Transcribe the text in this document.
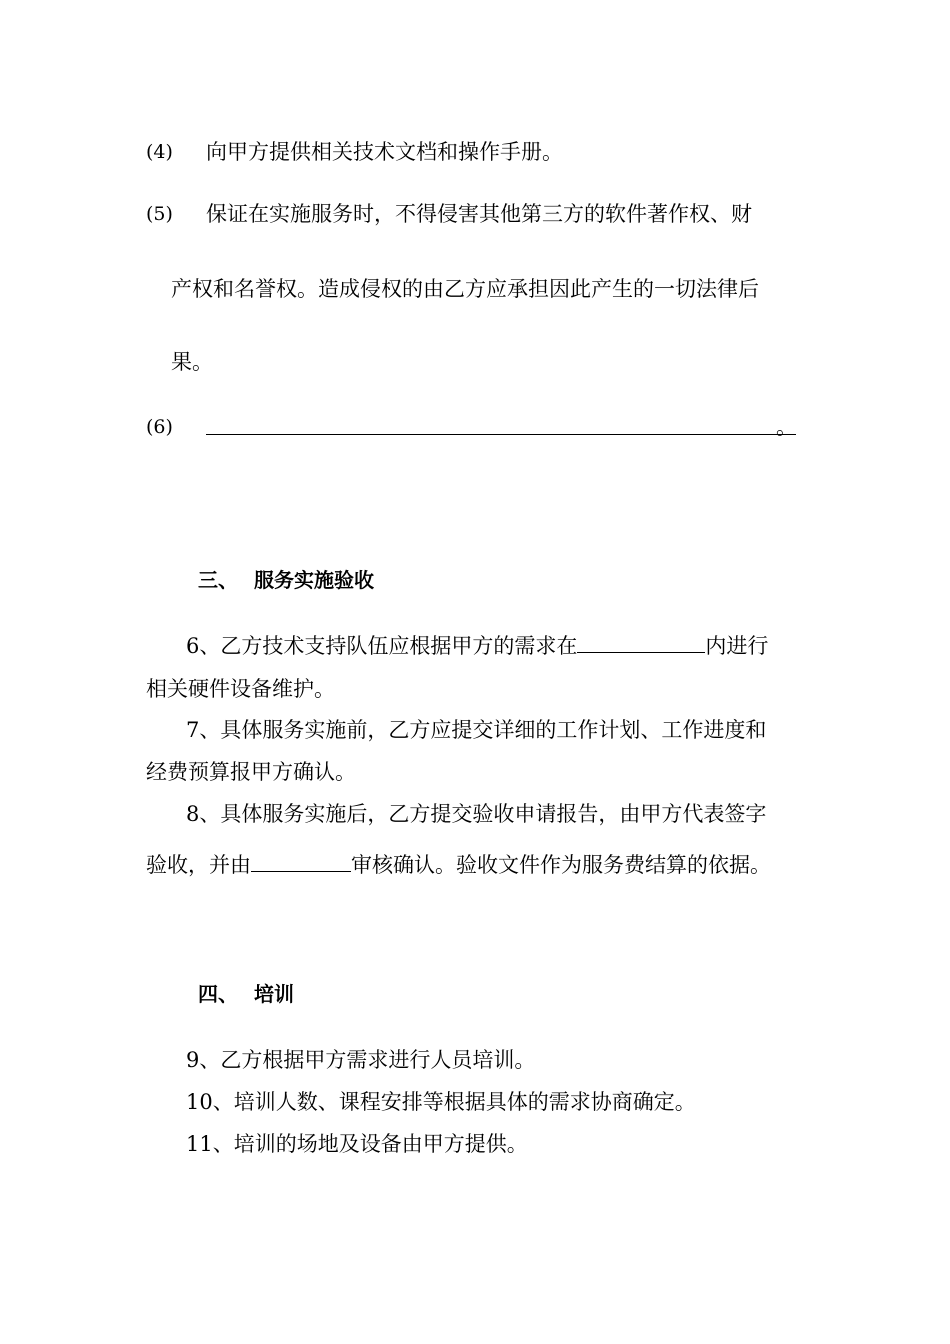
(4) 向甲方提供相关技术文档和操作手册。
(5) 保证在实施服务时，不得侵害其他第三方的软件著作权、财
产权和名誉权。造成侵权的由乙方应承担因此产生的一切法律后
果。
(6)	。
三、 服务实施验收
6、乙方技术支持队伍应根据甲方的需求在	内进行
相关硬件设备维护。
7、具体服务实施前，乙方应提交详细的工作计划、工作进度和
经费预算报甲方确认。
8、具体服务实施后，乙方提交验收申请报告，由甲方代表签字
验收，并由	审核确认。验收文件作为服务费结算的依据。
四、 培训
9、乙方根据甲方需求进行人员培训。
10、培训人数、课程安排等根据具体的需求协商确定。
11、培训的场地及设备由甲方提供。
